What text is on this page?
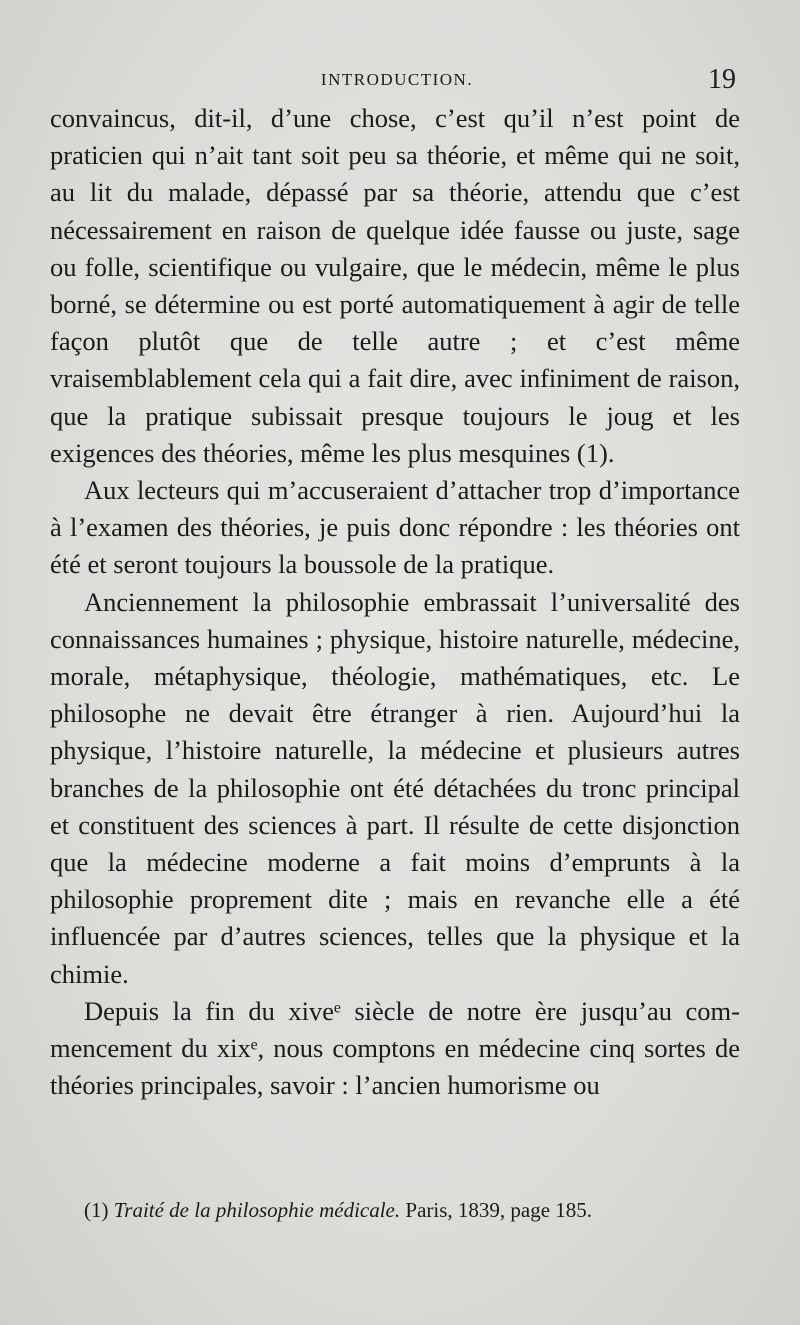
INTRODUCTION.	19

convaincus, dit-il, d’une chose, c’est qu’il n’est point de praticien qui n’ait tant soit peu sa théorie, et même qui ne soit, au lit du malade, dépassé par sa théorie, attendu que c’est nécessairement en raison de quelque idée fausse ou juste, sage ou folle, scientifique ou vulgaire, que le médecin, même le plus borné, se détermine ou est porté automatiquement à agir de telle façon plutôt que de telle autre ; et c’est même vraisemblablement cela qui a fait dire, avec infiniment de raison, que la pratique subissait presque toujours le joug et les exigences des théories, même les plus mesquines (1).

Aux lecteurs qui m’accuseraient d’attacher trop d’importance à l’examen des théories, je puis donc répondre : les théories ont été et seront toujours la boussole de la pratique.

Anciennement la philosophie embrassait l’universalité des connaissances humaines ; physique, histoire naturelle, médecine, morale, métaphysique, théologie, mathématiques, etc. Le philosophe ne devait être étranger à rien. Aujourd’hui la physique, l’histoire naturelle, la médecine et plusieurs autres branches de la philosophie ont été détachées du tronc principal et constituent des sciences à part. Il résulte de cette disjonction que la médecine moderne a fait moins d’emprunts à la philosophie proprement dite ; mais en revanche elle a été influencée par d’autres sciences, telles que la physique et la chimie.

Depuis la fin du xiveᵉ siècle de notre ère jusqu’au commencement du xixᵉ, nous comptons en médecine cinq sortes de théories principales, savoir : l’ancien humorisme ou

(1) Traité de la philosophie médicale. Paris, 1839, page 185.
